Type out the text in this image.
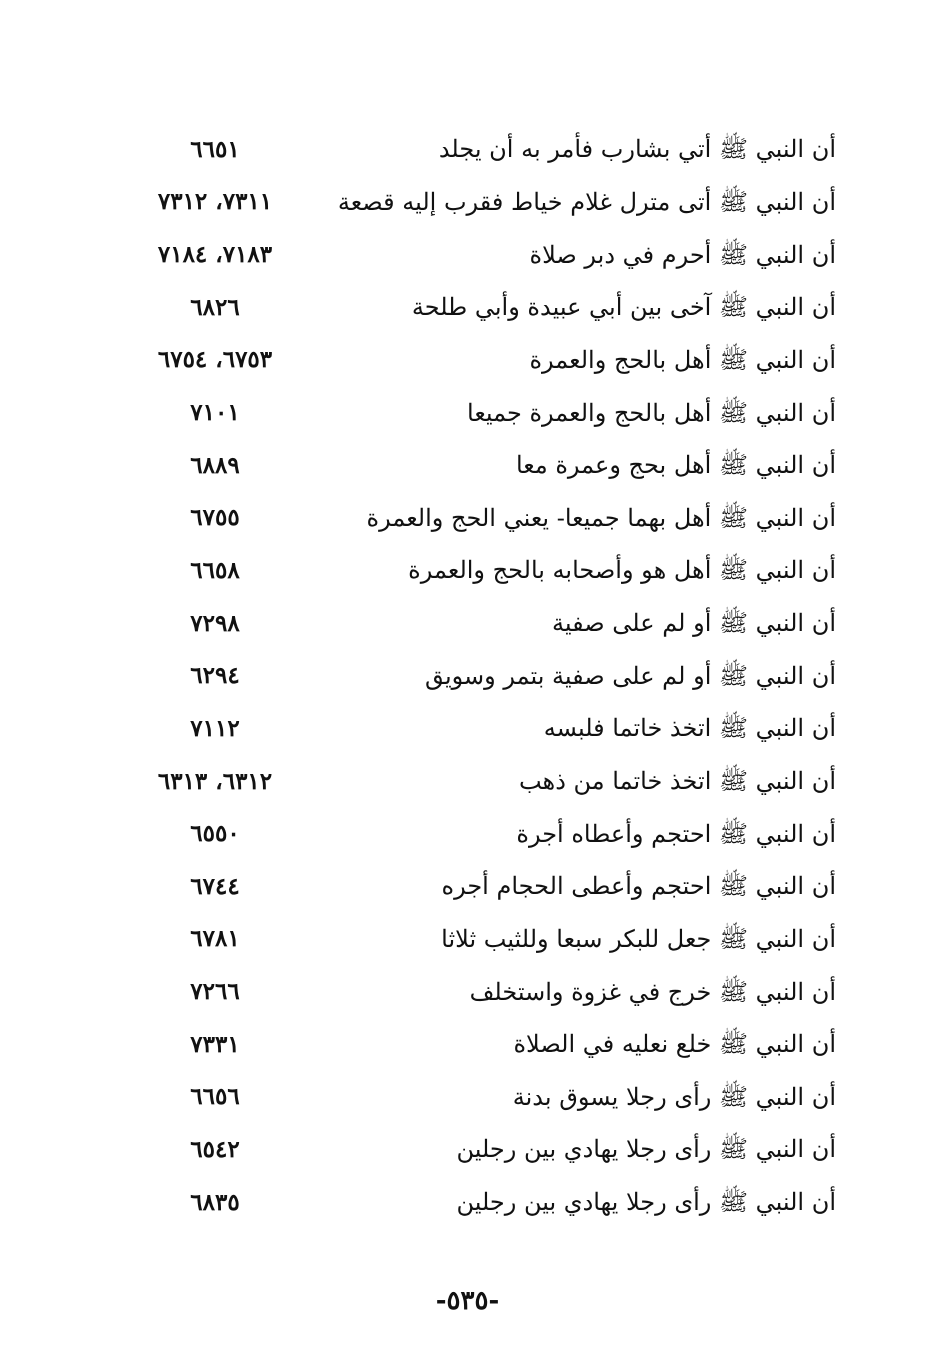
أن النبي ﷺ أتي بشارب فأمر به أن يجلد
٦٦٥١
أن النبي ﷺ أتى مترل غلام خياط فقرب إليه قصعة
٧٣١١، ٧٣١٢
أن النبي ﷺ أحرم في دبر صلاة
٧١٨٣، ٧١٨٤
أن النبي ﷺ آخى بين أبي عبيدة وأبي طلحة
٦٨٢٦
أن النبي ﷺ أهل بالحج والعمرة
٦٧٥٣، ٦٧٥٤
أن النبي ﷺ أهل بالحج والعمرة جميعا
٧١٠١
أن النبي ﷺ أهل بحج وعمرة معا
٦٨٨٩
أن النبي ﷺ أهل بهما جميعا- يعني الحج والعمرة
٦٧٥٥
أن النبي ﷺ أهل هو وأصحابه بالحج والعمرة
٦٦٥٨
أن النبي ﷺ أو لم على صفية
٧٢٩٨
أن النبي ﷺ أو لم على صفية بتمر وسويق
٦٢٩٤
أن النبي ﷺ اتخذ خاتما فلبسه
٧١١٢
أن النبي ﷺ اتخذ خاتما من ذهب
٦٣١٢، ٦٣١٣
أن النبي ﷺ احتجم وأعطاه أجرة
٦٥٥٠
أن النبي ﷺ احتجم وأعطى الحجام أجره
٦٧٤٤
أن النبي ﷺ جعل للبكر سبعا وللثيب ثلاثا
٦٧٨١
أن النبي ﷺ خرج في غزوة واستخلف
٧٢٦٦
أن النبي ﷺ خلع نعليه في الصلاة
٧٣٣١
أن النبي ﷺ رأى رجلا يسوق بدنة
٦٦٥٦
أن النبي ﷺ رأى رجلا يهادي بين رجلين
٦٥٤٢
أن النبي ﷺ رأى رجلا يهادي بين رجلين
٦٨٣٥
-٥٣٥-
